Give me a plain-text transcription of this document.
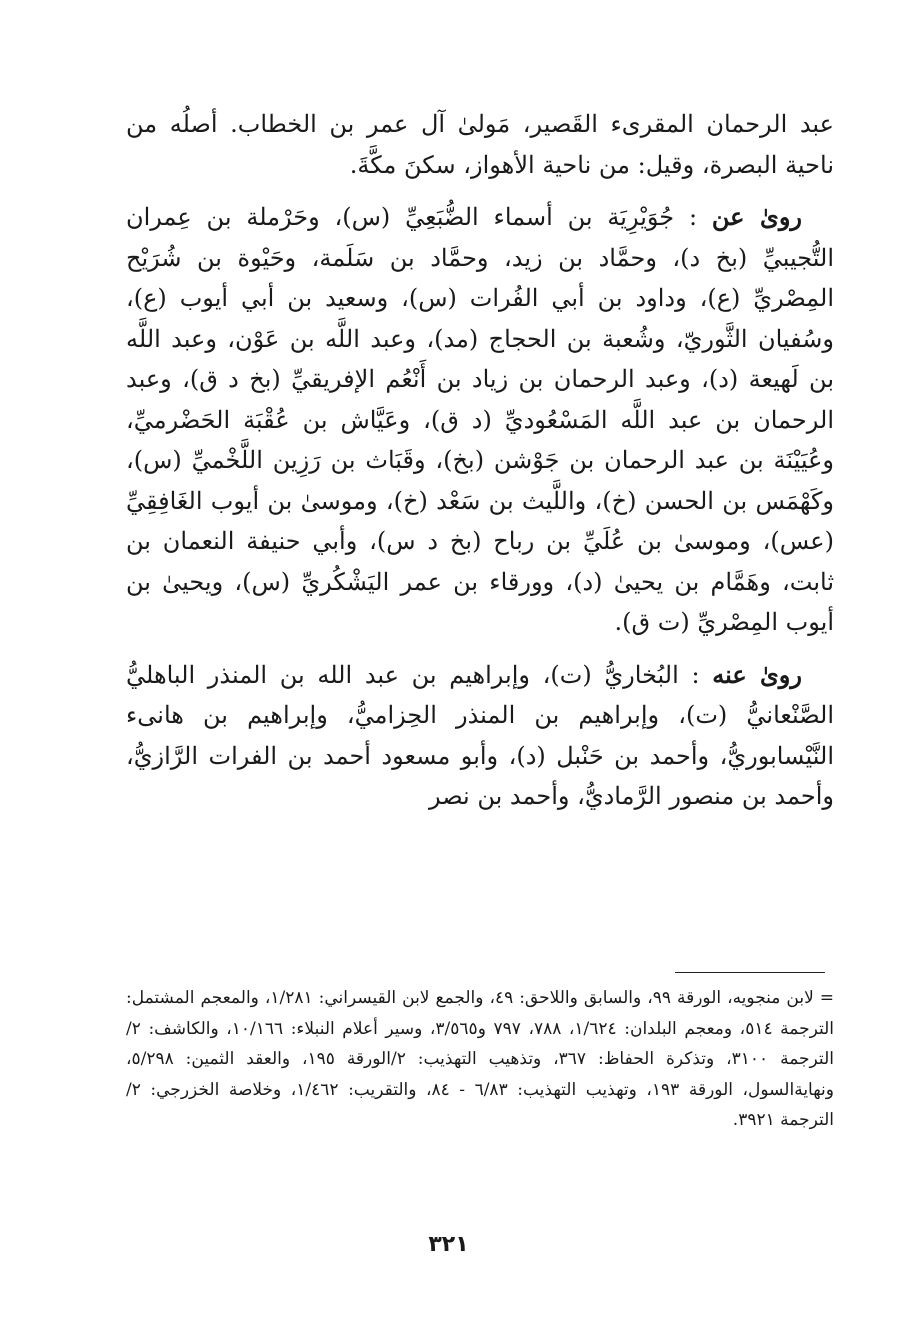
عبد الرحمان المقرىء القَصير، مَولىٰ آل عمر بن الخطاب. أصلُه من ناحية البصرة، وقيل: من ناحية الأهواز، سكنَ مكَّةَ.

روىٰ عن : جُوَيْرِيَة بن أسماء الضُّبَعِيِّ (س)، وحَرْملة بن عِمران التُّجيبيِّ (بخ د)، وحمَّاد بن زيد، وحمَّاد بن سَلَمة، وحَيْوة بن شُرَيْح المِصْريِّ (ع)، وداود بن أبي الفُرات (س)، وسعيد بن أبي أيوب (ع)، وسُفيان الثَّوريّ، وشُعبة بن الحجاج (مد)، وعبد اللَّه بن عَوْن، وعبد اللَّه بن لَهيعة (د)، وعبد الرحمان بن زياد بن أَنْعُم الإفريقيِّ (بخ د ق)، وعبد الرحمان بن عبد اللَّه المَسْعُوديِّ (د ق)، وعَيَّاش بن عُقْبَة الحَضْرميِّ، وعُيَيْنَة بن عبد الرحمان بن جَوْشن (بخ)، وقَبَاث بن رَزِين اللَّخْميِّ (س)، وكَهْمَس بن الحسن (خ)، واللَّيث بن سَعْد (خ)، وموسىٰ بن أيوب الغَافِقِيِّ (عس)، وموسىٰ بن عُلَيِّ بن رباح (بخ د س)، وأبي حنيفة النعمان بن ثابت، وهَمَّام بن يحيىٰ (د)، وورقاء بن عمر اليَشْكُريِّ (س)، ويحيىٰ بن أيوب المِصْريِّ (ت ق).

روىٰ عنه : البُخاريُّ (ت)، وإبراهيم بن عبد الله بن المنذر الباهليُّ الصَّنْعانيُّ (ت)، وإبراهيم بن المنذر الحِزاميُّ، وإبراهيم بن هانىء النَّيْسابوريُّ، وأحمد بن حَنْبل (د)، وأبو مسعود أحمد بن الفرات الرَّازيُّ، وأحمد بن منصور الرَّماديُّ، وأحمد بن نصر

= لابن منجويه، الورقة ٩٩، والسابق واللاحق: ٤٩، والجمع لابن القيسراني: ١/٢٨١، والمعجم المشتمل: الترجمة ٥١٤، ومعجم البلدان: ١/٦٢٤، ٧٨٨، ٧٩٧ و٣/٥٦٥، وسير أعلام النبلاء: ١٠/١٦٦، والكاشف: ٢/الترجمة ٣١٠٠، وتذكرة الحفاظ: ٣٦٧، وتذهيب التهذيب: ٢/الورقة ١٩٥، والعقد الثمين: ٥/٢٩٨، ونهايةالسول، الورقة ١٩٣، وتهذيب التهذيب: ٦/٨٣ - ٨٤، والتقريب: ١/٤٦٢، وخلاصة الخزرجي: ٢/الترجمة ٣٩٢١.

٣٢١
